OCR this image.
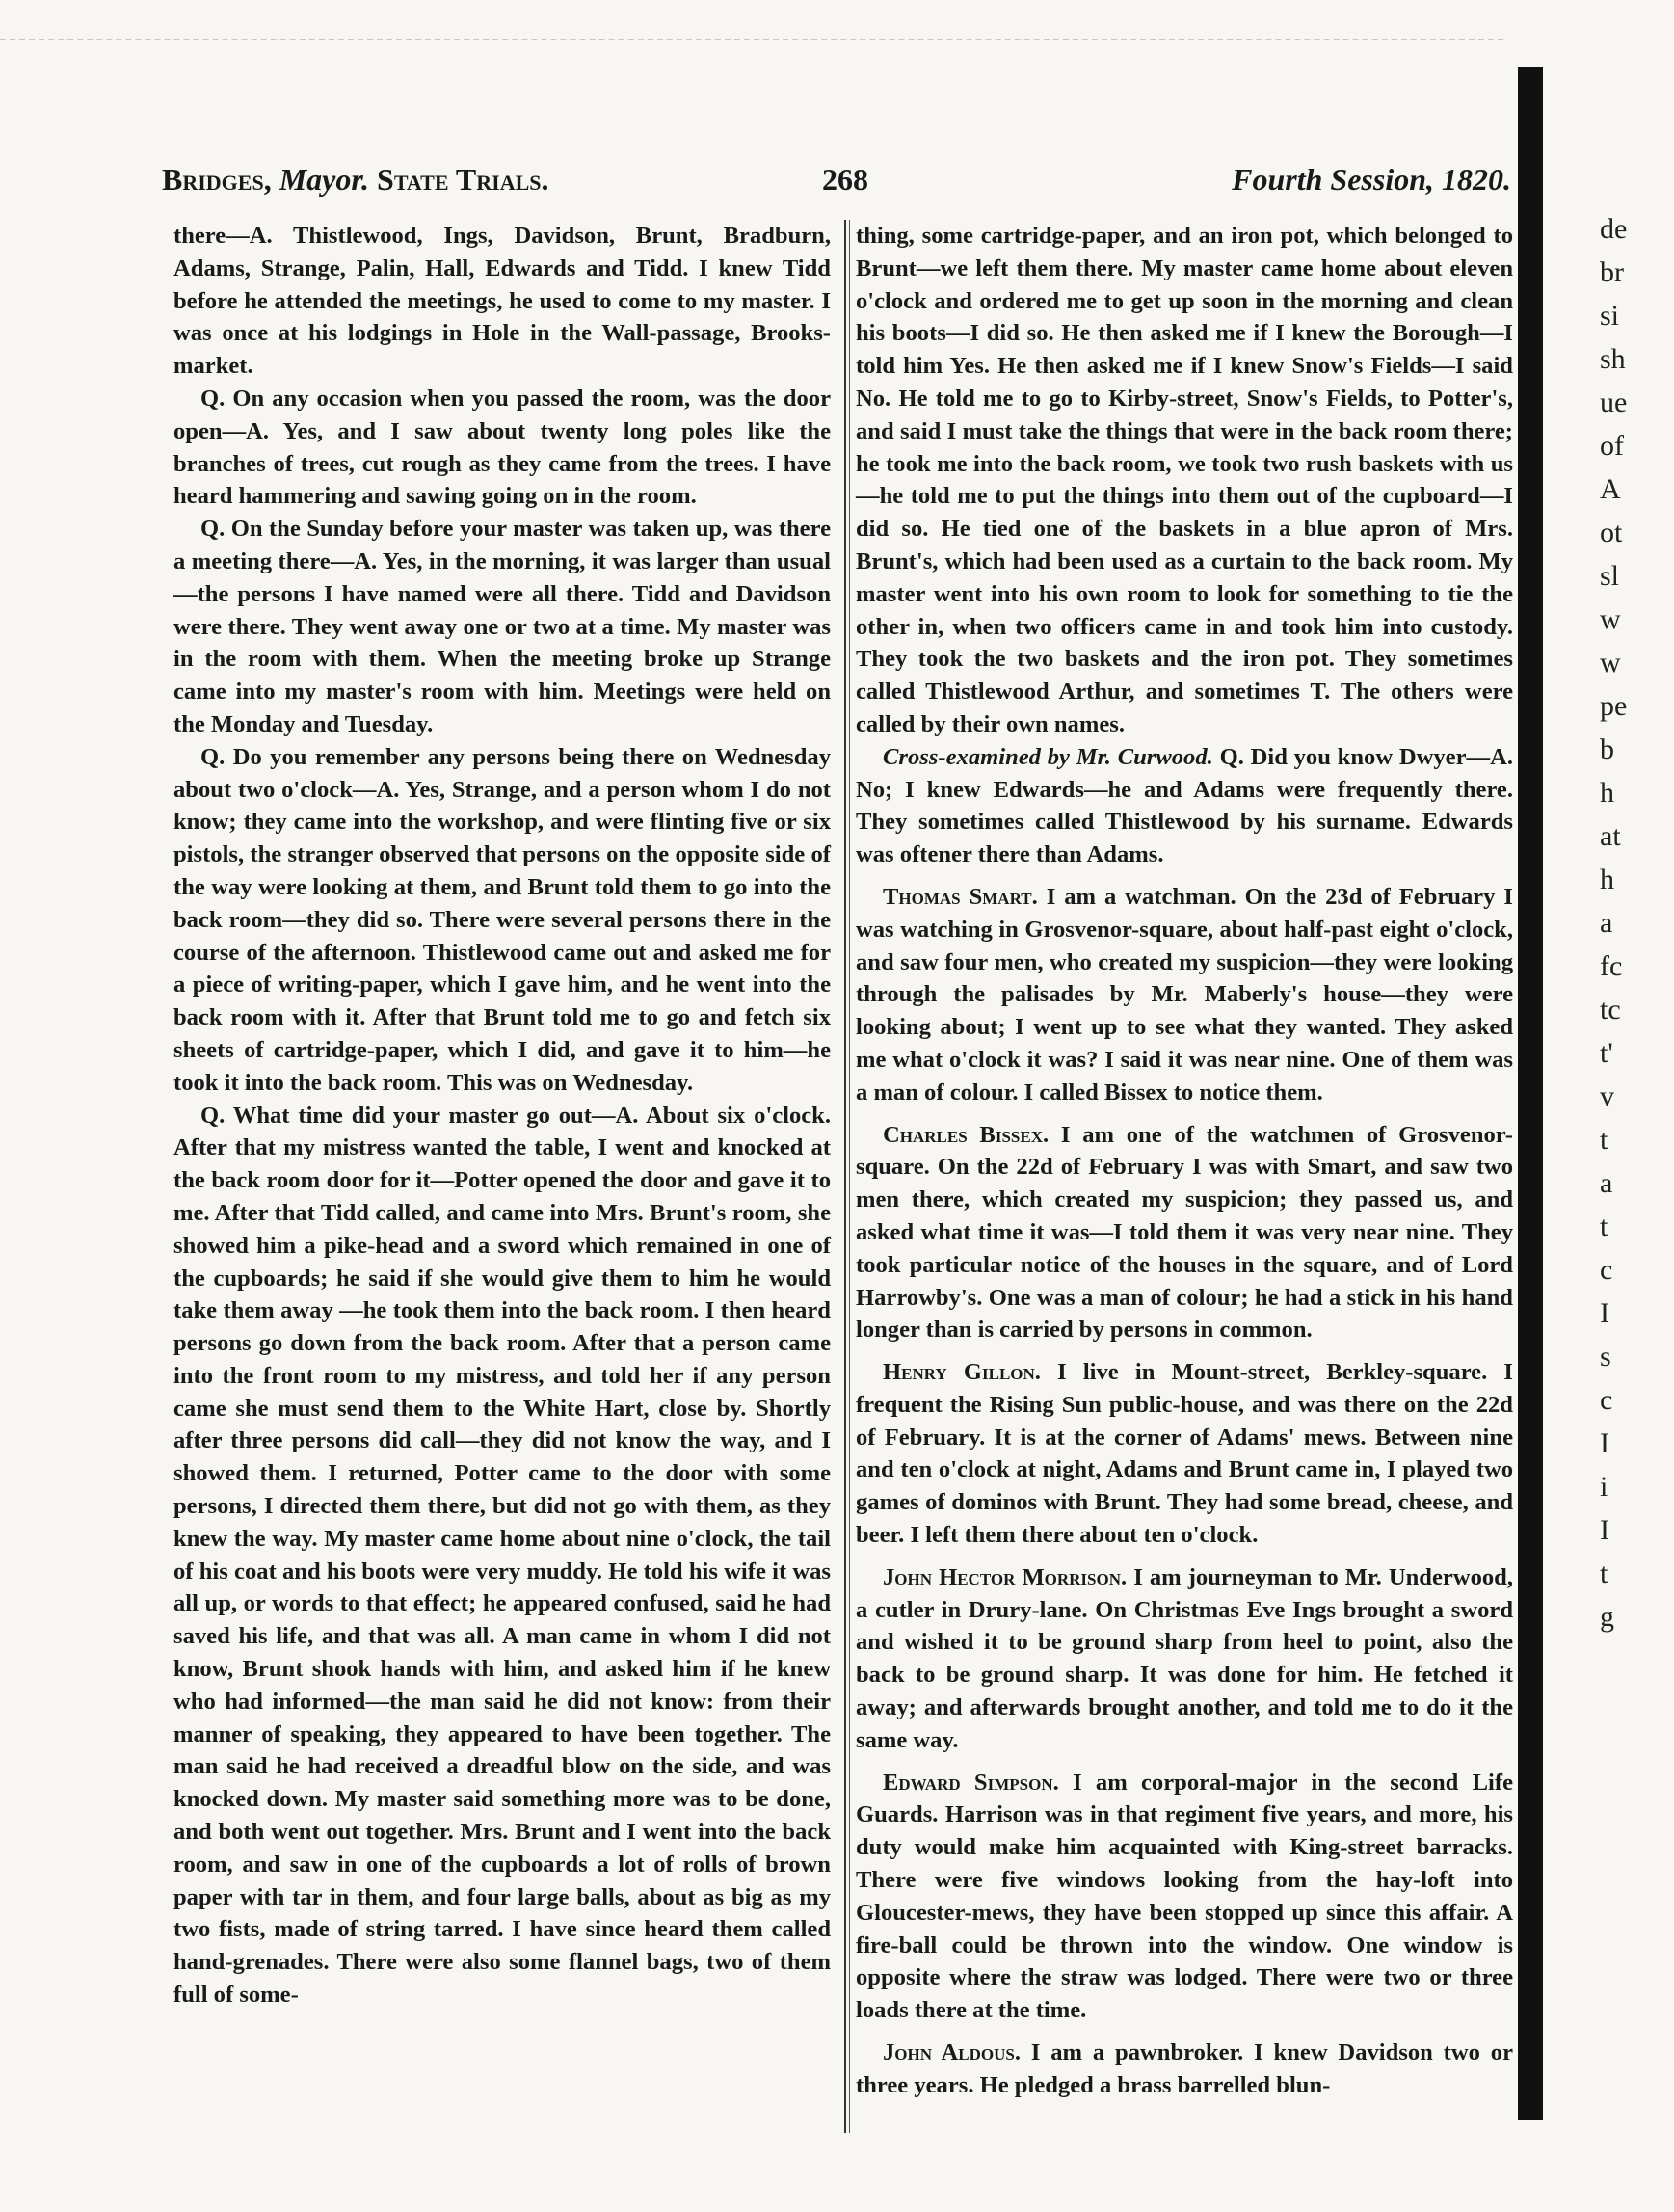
Bridges, Mayor. State Trials.	268	Fourth Session, 1820.

there—A. Thistlewood, Ings, Davidson, Brunt, Bradburn, Adams, Strange, Palin, Hall, Edwards and Tidd. I knew Tidd before he attended the meetings, he used to come to my master. I was once at his lodgings in Hole in the Wall-passage, Brooks-market.

Q. On any occasion when you passed the room, was the door open—A. Yes, and I saw about twenty long poles like the branches of trees, cut rough as they came from the trees. I have heard hammering and sawing going on in the room.

Q. On the Sunday before your master was taken up, was there a meeting there—A. Yes, in the morning, it was larger than usual—the persons I have named were all there. Tidd and Davidson were there. They went away one or two at a time. My master was in the room with them. When the meeting broke up Strange came into my master's room with him. Meetings were held on the Monday and Tuesday.

Q. Do you remember any persons being there on Wednesday about two o'clock—A. Yes, Strange, and a person whom I do not know; they came into the workshop, and were flinting five or six pistols, the stranger observed that persons on the opposite side of the way were looking at them, and Brunt told them to go into the back room—they did so. There were several persons there in the course of the afternoon. Thistlewood came out and asked me for a piece of writing-paper, which I gave him, and he went into the back room with it. After that Brunt told me to go and fetch six sheets of cartridge-paper, which I did, and gave it to him—he took it into the back room. This was on Wednesday.

Q. What time did your master go out—A. About six o'clock. After that my mistress wanted the table, I went and knocked at the back room door for it—Potter opened the door and gave it to me. After that Tidd called, and came into Mrs. Brunt's room, she showed him a pike-head and a sword which remained in one of the cupboards; he said if she would give them to him he would take them away —he took them into the back room. I then heard persons go down from the back room. After that a person came into the front room to my mistress, and told her if any person came she must send them to the White Hart, close by. Shortly after three persons did call—they did not know the way, and I showed them. I returned, Potter came to the door with some persons, I directed them there, but did not go with them, as they knew the way. My master came home about nine o'clock, the tail of his coat and his boots were very muddy. He told his wife it was all up, or words to that effect; he appeared confused, said he had saved his life, and that was all. A man came in whom I did not know, Brunt shook hands with him, and asked him if he knew who had informed—the man said he did not know: from their manner of speaking, they appeared to have been together. The man said he had received a dreadful blow on the side, and was knocked down. My master said something more was to be done, and both went out together. Mrs. Brunt and I went into the back room, and saw in one of the cupboards a lot of rolls of brown paper with tar in them, and four large balls, about as big as my two fists, made of string tarred. I have since heard them called hand-grenades. There were also some flannel bags, two of them full of some-

thing, some cartridge-paper, and an iron pot, which belonged to Brunt—we left them there. My master came home about eleven o'clock and ordered me to get up soon in the morning and clean his boots—I did so. He then asked me if I knew the Borough—I told him Yes. He then asked me if I knew Snow's Fields—I said No. He told me to go to Kirby-street, Snow's Fields, to Potter's, and said I must take the things that were in the back room there; he took me into the back room, we took two rush baskets with us—he told me to put the things into them out of the cupboard—I did so. He tied one of the baskets in a blue apron of Mrs. Brunt's, which had been used as a curtain to the back room. My master went into his own room to look for something to tie the other in, when two officers came in and took him into custody. They took the two baskets and the iron pot. They sometimes called Thistlewood Arthur, and sometimes T. The others were called by their own names.

Cross-examined by Mr. Curwood. Q. Did you know Dwyer—A. No; I knew Edwards—he and Adams were frequently there. They sometimes called Thistlewood by his surname. Edwards was oftener there than Adams.

Thomas Smart. I am a watchman. On the 23d of February I was watching in Grosvenor-square, about half-past eight o'clock, and saw four men, who created my suspicion—they were looking through the palisades by Mr. Maberly's house—they were looking about; I went up to see what they wanted. They asked me what o'clock it was? I said it was near nine. One of them was a man of colour. I called Bissex to notice them.

Charles Bissex. I am one of the watchmen of Grosvenor-square. On the 22d of February I was with Smart, and saw two men there, which created my suspicion; they passed us, and asked what time it was—I told them it was very near nine. They took particular notice of the houses in the square, and of Lord Harrowby's. One was a man of colour; he had a stick in his hand longer than is carried by persons in common.

Henry Gillon. I live in Mount-street, Berkley-square. I frequent the Rising Sun public-house, and was there on the 22d of February. It is at the corner of Adams' mews. Between nine and ten o'clock at night, Adams and Brunt came in, I played two games of dominos with Brunt. They had some bread, cheese, and beer. I left them there about ten o'clock.

John Hector Morrison. I am journeyman to Mr. Underwood, a cutler in Drury-lane. On Christmas Eve Ings brought a sword and wished it to be ground sharp from heel to point, also the back to be ground sharp. It was done for him. He fetched it away; and afterwards brought another, and told me to do it the same way.

Edward Simpson. I am corporal-major in the second Life Guards. Harrison was in that regiment five years, and more, his duty would make him acquainted with King-street barracks. There were five windows looking from the hay-loft into Gloucester-mews, they have been stopped up since this affair. A fire-ball could be thrown into the window. One window is opposite where the straw was lodged. There were two or three loads there at the time.

John Aldous. I am a pawnbroker. I knew Davidson two or three years. He pledged a brass barrelled blun-

de
br
si
sh
ue
of
A
ot
sl
w
w
pe
b
h
at
h
a
fc
tc
t'
v
t
a
t
c
I
s
c
I
i
I
t
g
